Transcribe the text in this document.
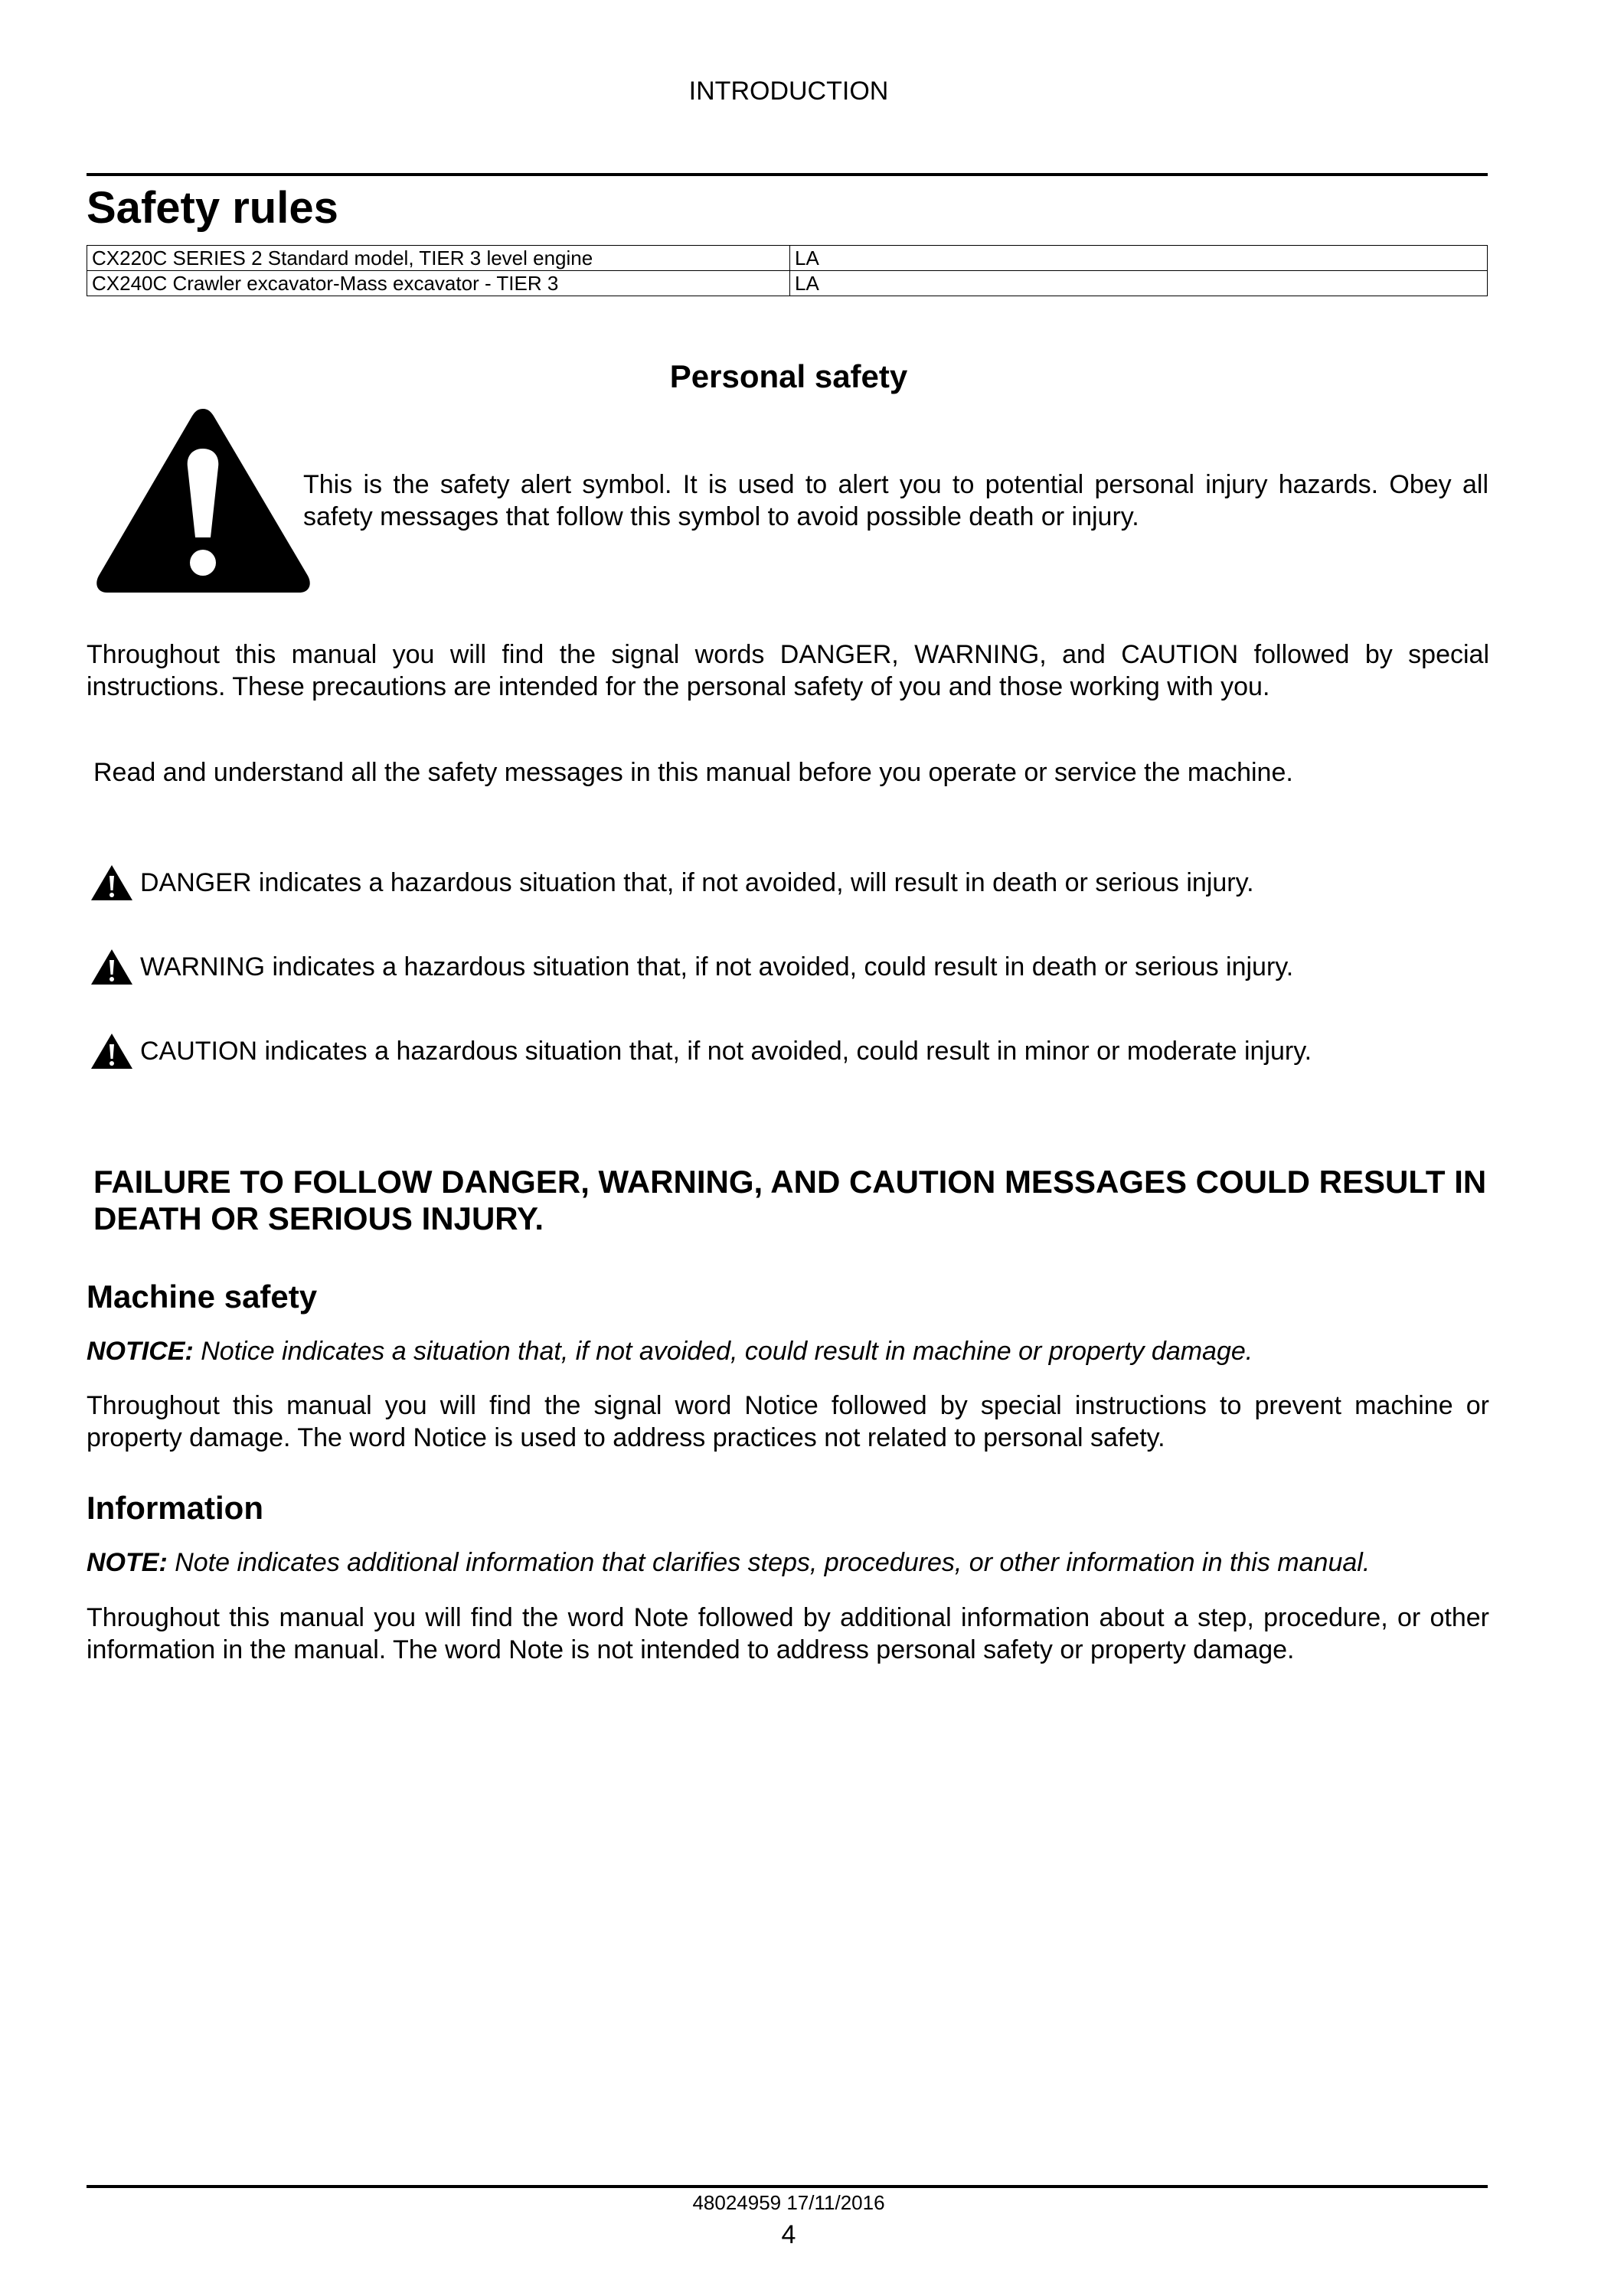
INTRODUCTION
Safety rules
CX220C SERIES 2 Standard model, TIER 3 level engine	LA
CX240C Crawler excavator-Mass excavator - TIER 3	LA
Personal safety
This is the safety alert symbol. It is used to alert you to potential personal injury hazards. Obey all safety messages that follow this symbol to avoid possible death or injury.
Throughout this manual you will find the signal words DANGER, WARNING, and CAUTION followed by special instructions. These precautions are intended for the personal safety of you and those working with you.
Read and understand all the safety messages in this manual before you operate or service the machine.
DANGER indicates a hazardous situation that, if not avoided, will result in death or serious injury.
WARNING indicates a hazardous situation that, if not avoided, could result in death or serious injury.
CAUTION indicates a hazardous situation that, if not avoided, could result in minor or moderate injury.
FAILURE TO FOLLOW DANGER, WARNING, AND CAUTION MESSAGES COULD RESULT IN DEATH OR SERIOUS INJURY.
Machine safety
NOTICE: Notice indicates a situation that, if not avoided, could result in machine or property damage.
Throughout this manual you will find the signal word Notice followed by special instructions to prevent machine or property damage. The word Notice is used to address practices not related to personal safety.
Information
NOTE: Note indicates additional information that clarifies steps, procedures, or other information in this manual.
Throughout this manual you will find the word Note followed by additional information about a step, procedure, or other information in the manual. The word Note is not intended to address personal safety or property damage.
48024959 17/11/2016
4
